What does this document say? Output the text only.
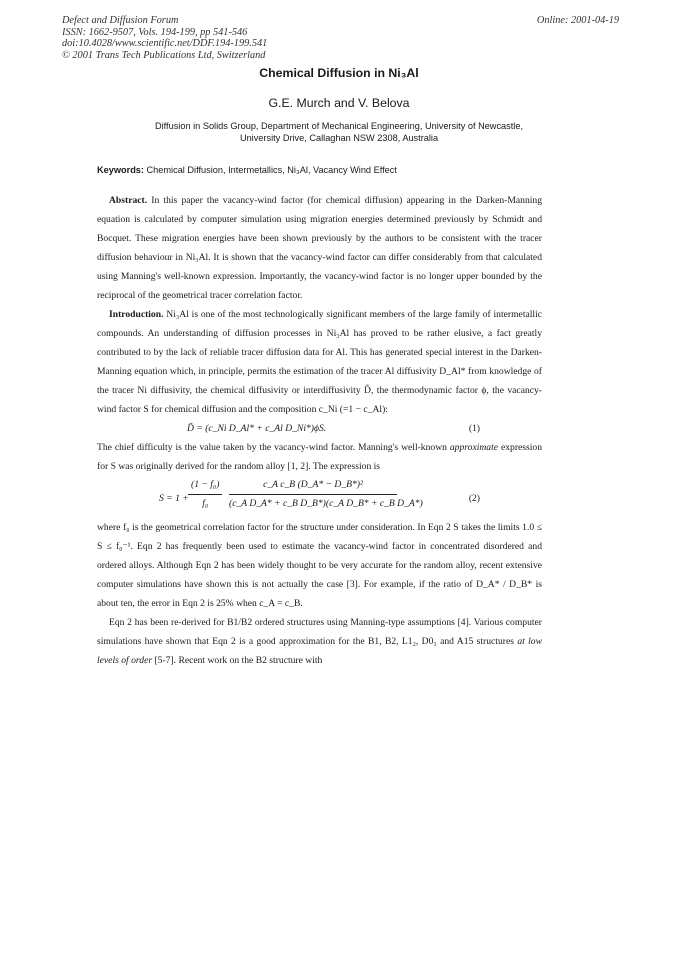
Defect and Diffusion Forum
ISSN: 1662-9507, Vols. 194-199, pp 541-546
doi:10.4028/www.scientific.net/DDF.194-199.541
© 2001 Trans Tech Publications Ltd, Switzerland
Online: 2001-04-19
Chemical Diffusion in Ni₃Al
G.E. Murch and V. Belova
Diffusion in Solids Group, Department of Mechanical Engineering, University of Newcastle,
University Drive, Callaghan NSW 2308, Australia
Keywords: Chemical Diffusion, Intermetallics, Ni₃Al, Vacancy Wind Effect

Abstract. In this paper the vacancy-wind factor (for chemical diffusion) appearing in the Darken-Manning equation is calculated by computer simulation using migration energies determined previously by Schmidt and Bocquet. These migration energies have been shown previously by the authors to be consistent with the tracer diffusion behaviour in Ni₃Al. It is shown that the vacancy-wind factor can differ considerably from that calculated using Manning's well-known expression. Importantly, the vacancy-wind factor is no longer upper bounded by the reciprocal of the geometrical tracer correlation factor.

Introduction. Ni₃Al is one of the most technologically significant members of the large family of intermetallic compounds. An understanding of diffusion processes in Ni₃Al has proved to be rather elusive, a fact greatly contributed to by the lack of reliable tracer diffusion data for Al. This has generated special interest in the Darken-Manning equation which, in principle, permits the estimation of the tracer Al diffusivity D_Al* from knowledge of the tracer Ni diffusivity, the chemical diffusivity or interdiffusivity D̃, the thermodynamic factor ϕ, the vacancy-wind factor S for chemical diffusion and the composition c_Ni (=1 − c_Al):

D̃ = (c_Ni D_Al* + c_Al D_Ni*)ϕS.	(1)

The chief difficulty is the value taken by the vacancy-wind factor. Manning's well-known approximate expression for S was originally derived for the random alloy [1, 2]. The expression is

$S = 1 + \frac{\text{(1 − f₀)}}{\text{f₀}} \frac{\text{c\_A c\_B (D\_A* − D\_B*)²}}{\text{(c\_A D\_A* + c\_B D\_B*)(c\_A D\_B* + c\_B D\_A*)}}$	(2)

where f₀ is the geometrical correlation factor for the structure under consideration. In Eqn 2 S takes the limits 1.0 ≤ S ≤ f₀⁻¹. Eqn 2 has frequently been used to estimate the vacancy-wind factor in concentrated disordered and ordered alloys. Although Eqn 2 has been widely thought to be very accurate for the random alloy, recent extensive computer simulations have shown this is not actually the case [3]. For example, if the ratio of D_A* / D_B* is about ten, the error in Eqn 2 is 25% when c_A = c_B.

Eqn 2 has been re-derived for B1/B2 ordered structures using Manning-type assumptions [4]. Various computer simulations have shown that Eqn 2 is a good approximation for the B1, B2, L1₂, D0₃ and A15 structures at low levels of order [5-7]. Recent work on the B2 structure with
